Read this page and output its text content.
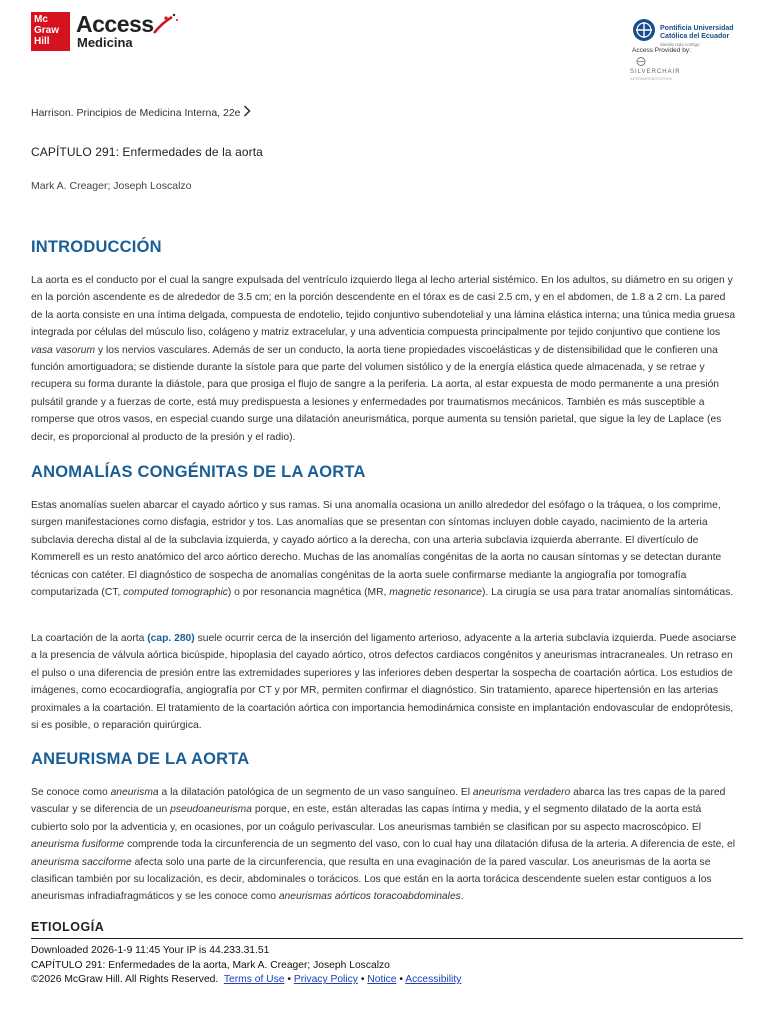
Mc
Graw
Hill
Access
Medicina
Pontificia Universidad Católica del Ecuador
Siendo más contigo
Access Provided by:
SILVERCHAIR
INFORMATION/SYSTEMS
Harrison. Principios de Medicina Interna, 22e
CAPÍTULO 291: Enfermedades de la aorta
Mark A. Creager; Joseph Loscalzo
INTRODUCCIÓN

La aorta es el conducto por el cual la sangre expulsada del ventrículo izquierdo llega al lecho arterial sistémico. En los adultos, su diámetro en su origen y en la porción ascendente es de alrededor de 3.5 cm; en la porción descendente en el tórax es de casi 2.5 cm, y en el abdomen, de 1.8 a 2 cm. La pared de la aorta consiste en una íntima delgada, compuesta de endotelio, tejido conjuntivo subendotelial y una lámina elástica interna; una túnica media gruesa integrada por células del músculo liso, colágeno y matriz extracelular, y una adventicia compuesta principalmente por tejido conjuntivo que contiene los vasa vasorum y los nervios vasculares. Además de ser un conducto, la aorta tiene propiedades viscoelásticas y de distensibilidad que le confieren una función amortiguadora; se distiende durante la sístole para que parte del volumen sistólico y de la energía elástica quede almacenada, y se retrae y recupera su forma durante la diástole, para que prosiga el flujo de sangre a la periferia. La aorta, al estar expuesta de modo permanente a una presión pulsátil grande y a fuerzas de corte, está muy predispuesta a lesiones y enfermedades por traumatismos mecánicos. También es más susceptible a romperse que otros vasos, en especial cuando surge una dilatación aneurismática, porque aumenta su tensión parietal, que sigue la ley de Laplace (es decir, es proporcional al producto de la presión y el radio).

ANOMALÍAS CONGÉNITAS DE LA AORTA

Estas anomalías suelen abarcar el cayado aórtico y sus ramas. Si una anomalía ocasiona un anillo alrededor del esófago o la tráquea, o los comprime, surgen manifestaciones como disfagia, estridor y tos. Las anomalías que se presentan con síntomas incluyen doble cayado, nacimiento de la arteria subclavia derecha distal al de la subclavia izquierda, y cayado aórtico a la derecha, con una arteria subclavia izquierda aberrante. El divertículo de Kommerell es un resto anatómico del arco aórtico derecho. Muchas de las anomalías congénitas de la aorta no causan síntomas y se detectan durante técnicas con catéter. El diagnóstico de sospecha de anomalías congénitas de la aorta suele confirmarse mediante la angiografía por tomografía computarizada (CT, computed tomographic) o por resonancia magnética (MR, magnetic resonance). La cirugía se usa para tratar anomalías sintomáticas.

La coartación de la aorta (cap. 280) suele ocurrir cerca de la inserción del ligamento arterioso, adyacente a la arteria subclavia izquierda. Puede asociarse a la presencia de válvula aórtica bicúspide, hipoplasia del cayado aórtico, otros defectos cardiacos congénitos y aneurismas intracraneales. Un retraso en el pulso o una diferencia de presión entre las extremidades superiores y las inferiores deben despertar la sospecha de coartación aórtica. Los estudios de imágenes, como ecocardiografía, angiografía por CT y por MR, permiten confirmar el diagnóstico. Sin tratamiento, aparece hipertensión en las arterias proximales a la coartación. El tratamiento de la coartación aórtica con importancia hemodinámica consiste en implantación endovascular de endoprótesis, si es posible, o reparación quirúrgica.

ANEURISMA DE LA AORTA

Se conoce como aneurisma a la dilatación patológica de un segmento de un vaso sanguíneo. El aneurisma verdadero abarca las tres capas de la pared vascular y se diferencia de un pseudoaneurisma porque, en este, están alteradas las capas íntima y media, y el segmento dilatado de la aorta está cubierto solo por la adventicia y, en ocasiones, por un coágulo perivascular. Los aneurismas también se clasifican por su aspecto macroscópico. El aneurisma fusiforme comprende toda la circunferencia de un segmento del vaso, con lo cual hay una dilatación difusa de la arteria. A diferencia de este, el aneurisma sacciforme afecta solo una parte de la circunferencia, que resulta en una evaginación de la pared vascular. Los aneurismas de la aorta se clasifican también por su localización, es decir, abdominales o torácicos. Los que están en la aorta torácica descendente suelen estar contiguos a los aneurismas infradiafragmáticos y se les conoce como aneurismas aórticos toracoabdominales.

ETIOLOGÍA
Downloaded 2026-1-9 11:45 Your IP is 44.233.31.51
CAPÍTULO 291: Enfermedades de la aorta, Mark A. Creager; Joseph Loscalzo
©2026 McGraw Hill. All Rights Reserved. Terms of Use • Privacy Policy • Notice • Accessibility
